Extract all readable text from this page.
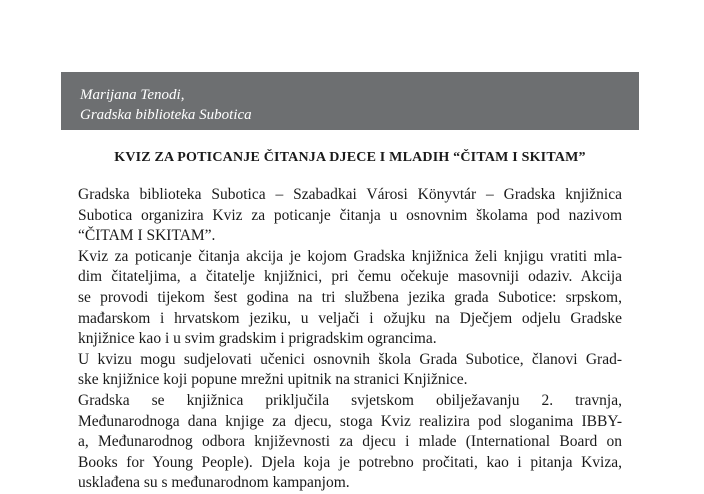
Marijana Tenodi,
Gradska biblioteka Subotica
KVIZ ZA POTICANJE ČITANJA DJECE I MLADIH “ČITAM I SKITAM”
Gradska biblioteka Subotica – Szabadkai Városi Könyvtár – Gradska knjižnica
Subotica organizira Kviz za poticanje čitanja u osnovnim školama pod nazivom
“ČITAM I SKITAM”.
Kviz za poticanje čitanja akcija je kojom Gradska knjižnica želi knjigu vratiti mla-
dim čitateljima, a čitatelje knjižnici, pri čemu očekuje masovniji odaziv. Akcija
se provodi tijekom šest godina na tri službena jezika grada Subotice: srpskom,
mađarskom i hrvatskom jeziku, u veljači i ožujku na Dječjem odjelu Gradske
knjižnice kao i u svim gradskim i prigradskim ogrаncima.
U kvizu mogu sudjelovati učenici osnovnih škola Grada Subotice, članovi Grad-
ske knjižnice koji popune mrežni upitnik na stranici Knjižnice.
Gradska se knjižnica priključila svjetskom obilježavanju 2. travnja,
Međunarodnoga dana knjige za djecu, stoga Kviz realizira pod sloganima IBBY-
a, Međunarodnog odbora književnosti za djecu i mlade (International Board on
Books for Young People). Djela koja je potrebno pročitati, kao i pitanja Kviza,
usklađena su s međunarodnom kampanjom.
